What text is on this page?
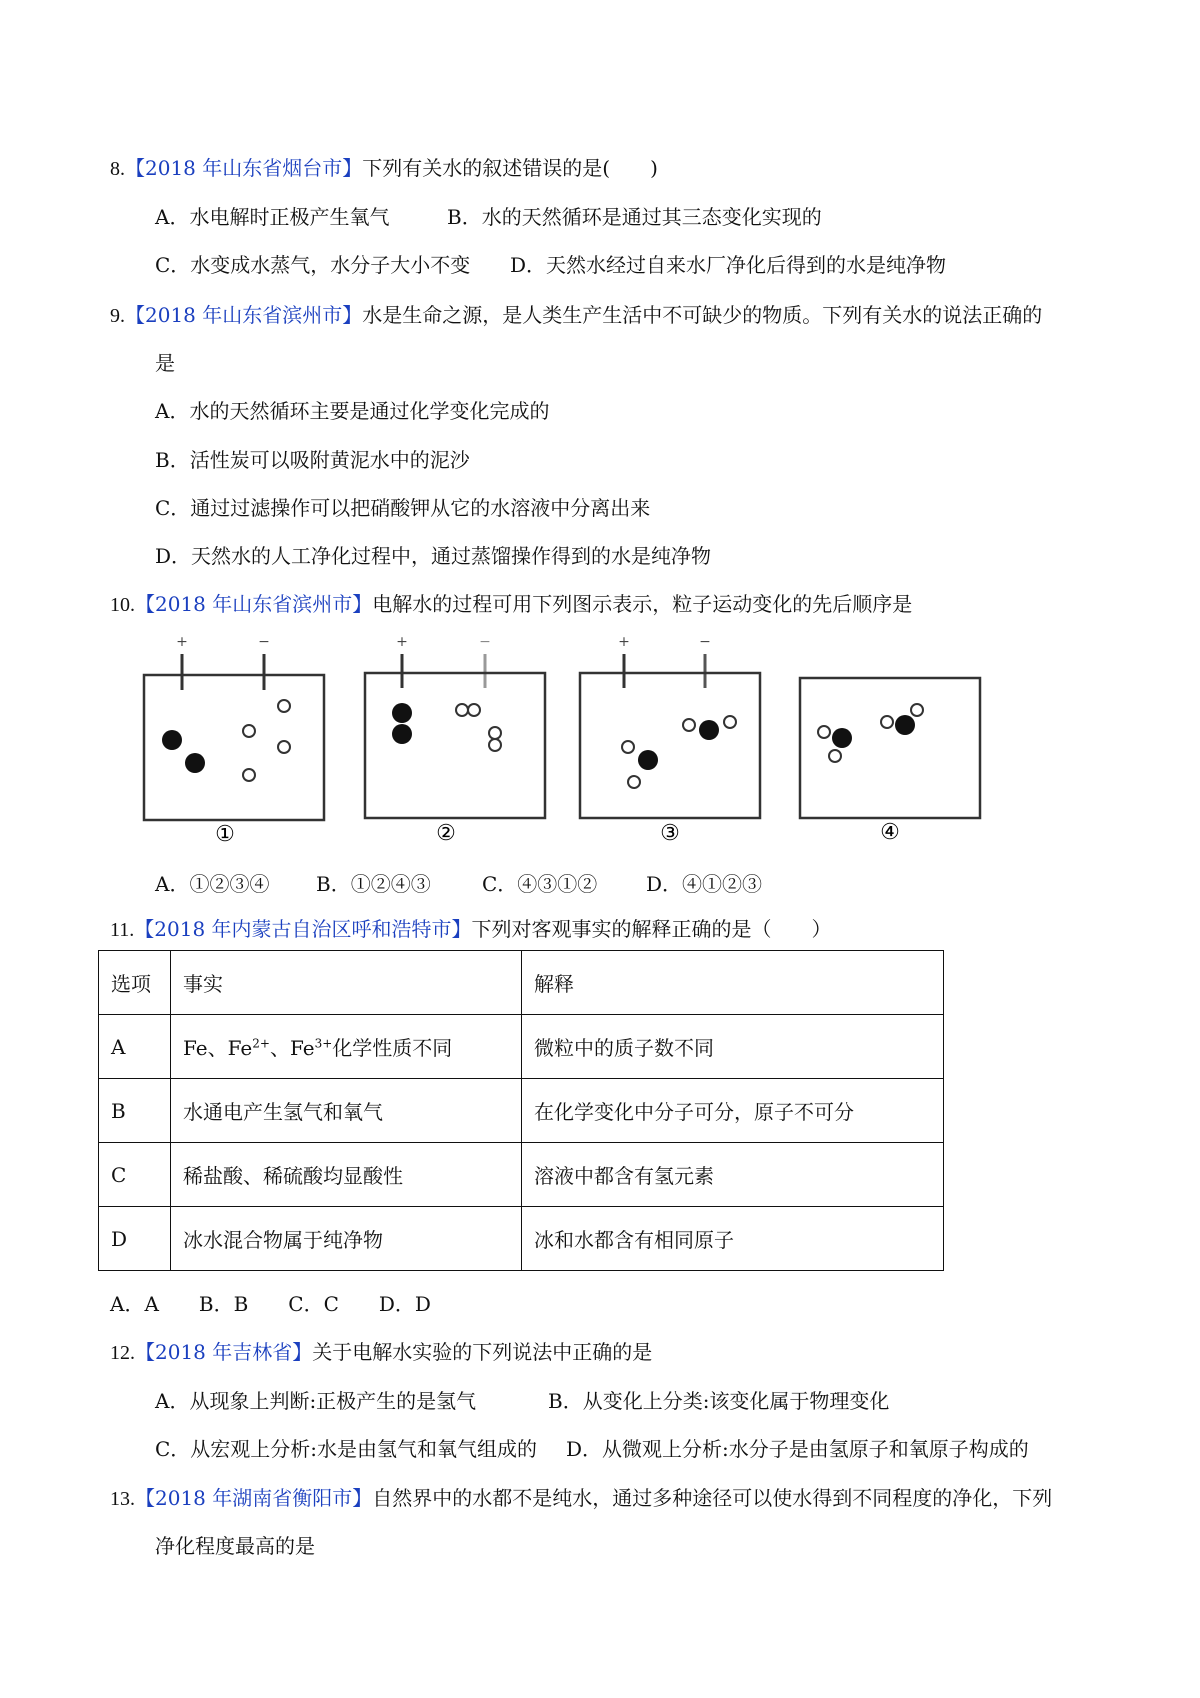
8.【2018 年山东省烟台市】下列有关水的叙述错误的是(　　)
A．水电解时正极产生氧气	B．水的天然循环是通过其三态变化实现的
C．水变成水蒸气，水分子大小不变 D．天然水经过自来水厂净化后得到的水是纯净物
9.【2018 年山东省滨州市】水是生命之源，是人类生产生活中不可缺少的物质。下列有关水的说法正确的
是
A．水的天然循环主要是通过化学变化完成的
B．活性炭可以吸附黄泥水中的泥沙
C．通过过滤操作可以把硝酸钾从它的水溶液中分离出来
D．天然水的人工净化过程中，通过蒸馏操作得到的水是纯净物
10.【2018 年山东省滨州市】电解水的过程可用下列图示表示，粒子运动变化的先后顺序是
+	−
①
+	−
②
+	−
③	④
A．①②③④ B．①②④③	C．④③①② D．④①②③
11.【2018 年内蒙古自治区呼和浩特市】下列对客观事实的解释正确的是（　　）
选项	事实	解释
A	Fe、$Fe^{2+}$、$Fe^{3+}$化学性质不同	微粒中的质子数不同
B	水通电产生氢气和氧气	在化学变化中分子可分，原子不可分
C	稀盐酸、稀硫酸均显酸性	溶液中都含有氢元素
D	冰水混合物属于纯净物	冰和水都含有相同原子
A．A　　B．B　　C．C　　D．D
12.【2018 年吉林省】关于电解水实验的下列说法中正确的是
A．从现象上判断:正极产生的是氢气	B．从变化上分类:该变化属于物理变化
C．从宏观上分析:水是由氢气和氧气组成的 D．从微观上分析:水分子是由氢原子和氧原子构成的
13.【2018 年湖南省衡阳市】自然界中的水都不是纯水，通过多种途径可以使水得到不同程度的净化，下列
净化程度最高的是
